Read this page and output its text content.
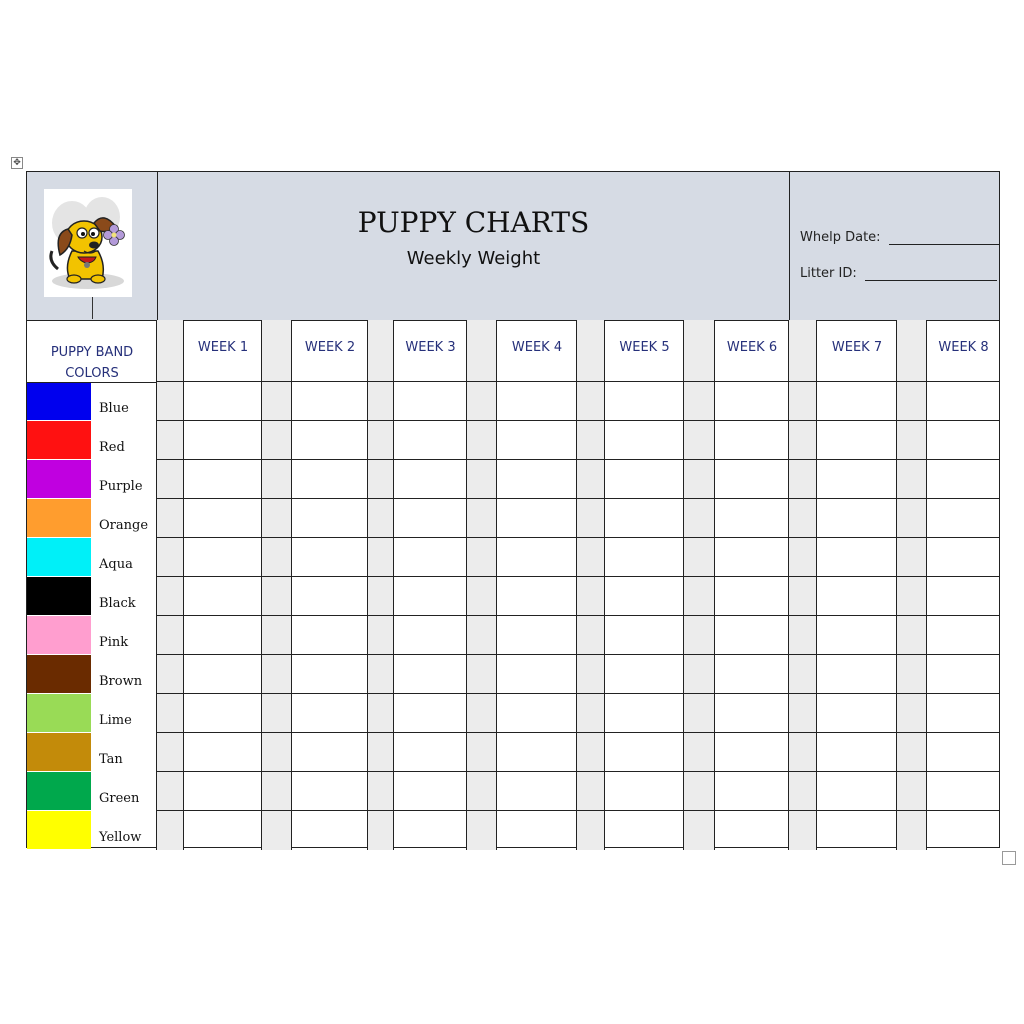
✥
PUPPY CHARTS
Weekly Weight
Whelp Date:
Litter ID:
PUPPY BAND
COLORS
WEEK 1	WEEK 2	WEEK 3	WEEK 4	WEEK 5	WEEK 6	WEEK 7	WEEK 8
Blue
Red
Purple
Orange
Aqua
Black
Pink
Brown
Lime
Tan
Green
Yellow
